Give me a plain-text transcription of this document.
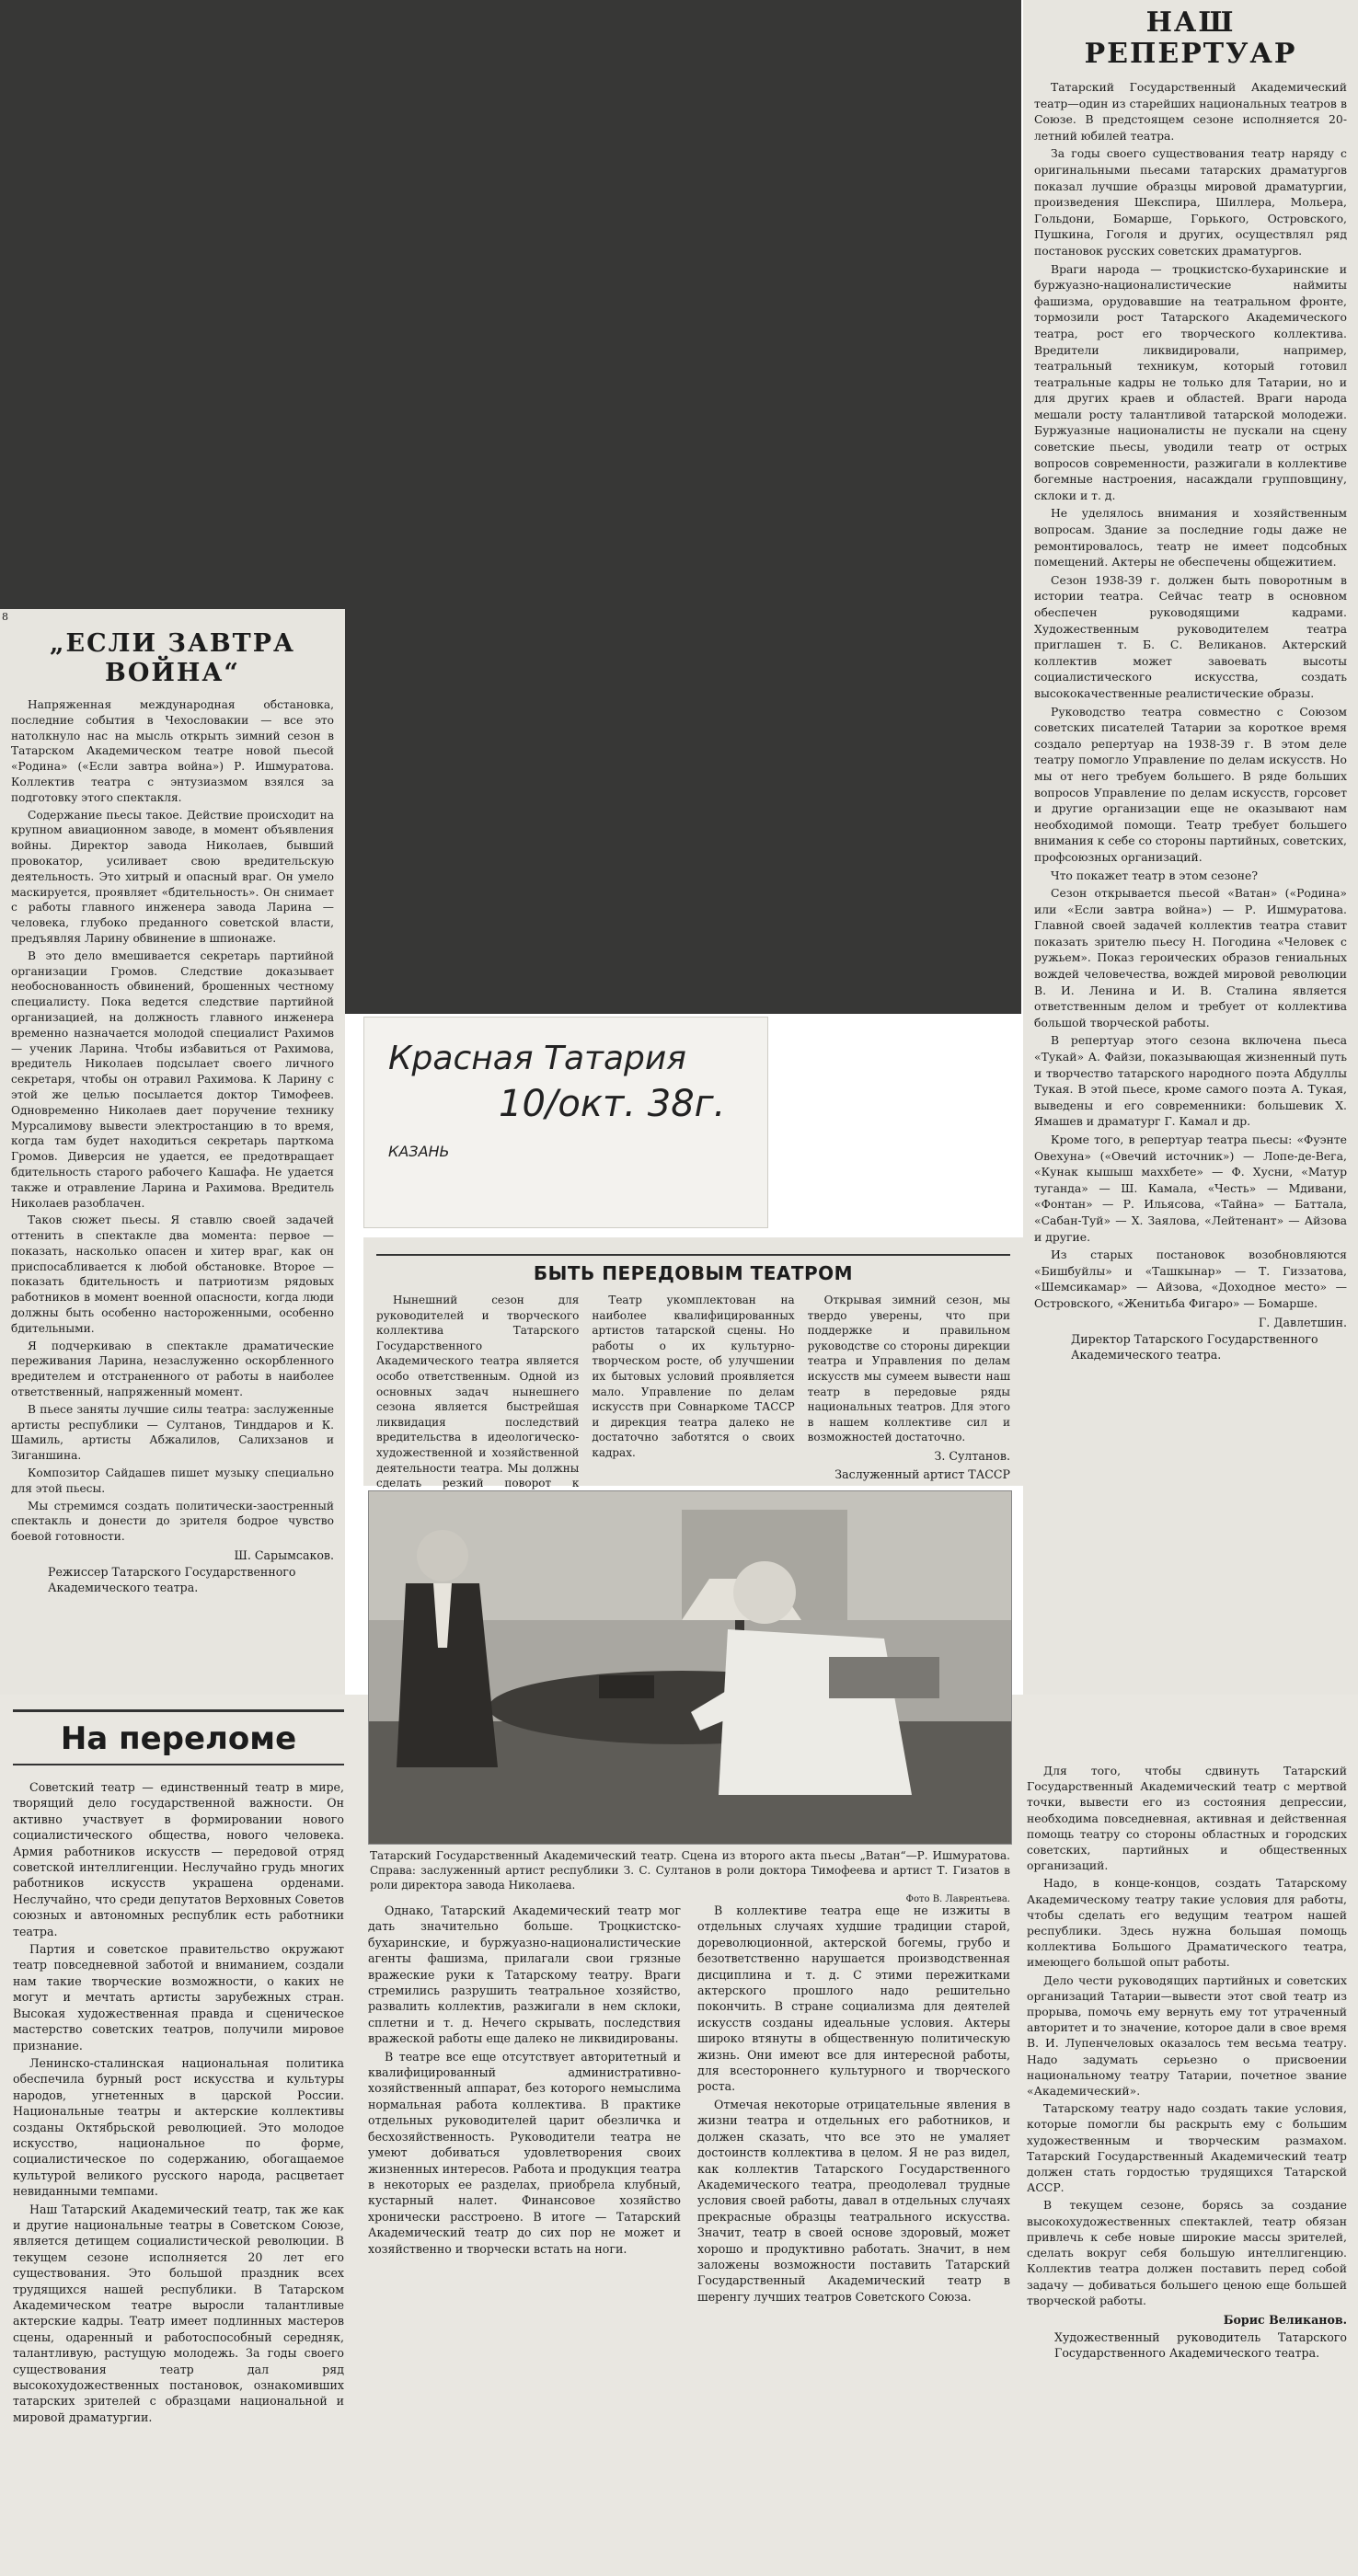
НАШ
РЕПЕРТУАР

Татарский Государственный Академический театр—один из старейших национальных театров в Союзе. В предстоящем сезоне исполняется 20-летний юбилей театра.

За годы своего существования театр наряду с оригинальными пьесами татарских драматургов показал лучшие образцы мировой драматургии, произведения Шекспира, Шиллера, Мольера, Гольдони, Бомарше, Горького, Островского, Пушкина, Гоголя и других, осуществлял ряд постановок русских советских драматургов.

Враги народа — троцкистско-бухаринские и буржуазно-националистические наймиты фашизма, орудовавшие на театральном фронте, тормозили рост Татарского Академического театра, рост его творческого коллектива. Вредители ликвидировали, например, театральный техникум, который готовил театральные кадры не только для Татарии, но и для других краев и областей. Враги народа мешали росту талантливой татарской молодежи. Буржуазные националисты не пускали на сцену советские пьесы, уводили театр от острых вопросов современности, разжигали в коллективе богемные настроения, насаждали групповщину, склоки и т. д.

Не уделялось внимания и хозяйственным вопросам. Здание за последние годы даже не ремонтировалось, театр не имеет подсобных помещений. Актеры не обеспечены общежитием.

Сезон 1938-39 г. должен быть поворотным в истории театра. Сейчас театр в основном обеспечен руководящими кадрами. Художественным руководителем театра приглашен т. Б. С. Великанов. Актерский коллектив может завоевать высоты социалистического искусства, создать высококачественные реалистические образы.

Руководство театра совместно с Союзом советских писателей Татарии за короткое время создало репертуар на 1938-39 г. В этом деле театру помогло Управление по делам искусств. Но мы от него требуем большего. В ряде больших вопросов Управление по делам искусств, горсовет и другие организации еще не оказывают нам необходимой помощи. Театр требует большего внимания к себе со стороны партийных, советских, профсоюзных организаций.

Что покажет театр в этом сезоне?

Сезон открывается пьесой «Ватан» («Родина» или «Если завтра война») — Р. Ишмуратова. Главной своей задачей коллектив театра ставит показать зрителю пьесу Н. Погодина «Человек с ружьем». Показ героических образов гениальных вождей человечества, вождей мировой революции В. И. Ленина и И. В. Сталина является ответственным делом и требует от коллектива большой творческой работы.

В репертуар этого сезона включена пьеса «Тукай» А. Файзи, показывающая жизненный путь и творчество татарского народного поэта Абдуллы Тукая. В этой пьесе, кроме самого поэта А. Тукая, выведены и его современники: большевик Х. Ямашев и драматург Г. Камал и др.

Кроме того, в репертуар театра пьесы: «Фуэнте Овехуна» («Овечий источник») — Лопе-де-Вега, «Кунак кышыш маххбете» — Ф. Хусни, «Матур туганда» — Ш. Камала, «Честь» — Мдивани, «Фонтан» — Р. Ильясова, «Тайна» — Баттала, «Сабан-Туй» — Х. Заялова, «Лейтенант» — Айзова и другие.

Из старых постановок возобновляются «Бишбуйлы» и «Ташкынар» — Т. Гиззатова, «Шемсикамар» — Айзова, «Доходное место» — Островского, «Женитьба Фигаро» — Бомарше.

Г. Давлетшин.
Директор Татарского Государственного Академического театра.
8
„ЕСЛИ ЗАВТРА
ВОЙНА“

Напряженная международная обстановка, последние события в Чехословакии — все это натолкнуло нас на мысль открыть зимний сезон в Татарском Академическом театре новой пьесой «Родина» («Если завтра война») Р. Ишмуратова. Коллектив театра с энтузиазмом взялся за подготовку этого спектакля.

Содержание пьесы такое. Действие происходит на крупном авиационном заводе, в момент объявления войны. Директор завода Николаев, бывший провокатор, усиливает свою вредительскую деятельность. Это хитрый и опасный враг. Он умело маскируется, проявляет «бдительность». Он снимает с работы главного инженера завода Ларина — человека, глубоко преданного советской власти, предъявляя Ларину обвинение в шпионаже.

В это дело вмешивается секретарь партийной организации Громов. Следствие доказывает необоснованность обвинений, брошенных честному специалисту. Пока ведется следствие партийной организацией, на должность главного инженера временно назначается молодой специалист Рахимов — ученик Ларина. Чтобы избавиться от Рахимова, вредитель Николаев подсылает своего личного секретаря, чтобы он отравил Рахимова. К Ларину с этой же целью посылается доктор Тимофеев. Одновременно Николаев дает поручение технику Мурсалимову вывести электростанцию в то время, когда там будет находиться секретарь парткома Громов. Диверсия не удается, ее предотвращает бдительность старого рабочего Кашафа. Не удается также и отравление Ларина и Рахимова. Вредитель Николаев разоблачен.

Таков сюжет пьесы. Я ставлю своей задачей оттенить в спектакле два момента: первое — показать, насколько опасен и хитер враг, как он приспосабливается к любой обстановке. Второе — показать бдительность и патриотизм рядовых работников в момент военной опасности, когда люди должны быть особенно настороженными, особенно бдительными.

Я подчеркиваю в спектакле драматические переживания Ларина, незаслуженно оскорбленного вредителем и отстраненного от работы в наиболее ответственный, напряженный момент.

В пьесе заняты лучшие силы театра: заслуженные артисты республики — Султанов, Тинддаров и К. Шамиль, артисты Абжалилов, Салихзанов и Зиганшина.

Композитор Сайдашев пишет музыку специально для этой пьесы.

Мы стремимся создать политически-заостренный спектакль и донести до зрителя бодрое чувство боевой готовности.

Ш. Сарымсаков.
Режиссер Татарского Государственного Академического театра.
Красная Татария
10/окт. 38г.
КАЗАНЬ
БЫТЬ ПЕРЕДОВЫМ ТЕАТРОМ

Нынешний сезон для руководителей и творческого коллектива Татарского Государственного Академического театра является особо ответственным. Одной из основных задач нынешнего сезона является быстрейшая ликвидация последствий вредительства в идеологическо-художественной и хозяйственной деятельности театра. Мы должны сделать резкий поворот к

Театр укомплектован на наиболее квалифицированных артистов татарской сцены. Но работы о их культурно-творческом росте, об улучшении их бытовых условий проявляется мало. Управление по делам искусств при Совнаркоме ТАССР и дирекция театра далеко не достаточно заботятся о своих кадрах.

Открывая зимний сезон, мы твердо уверены, что при поддержке и правильном руководстве со стороны дирекции театра и Управления по делам искусств мы сумеем вывести наш театр в передовые ряды национальных театров. Для этого в нашем коллективе сил и возможностей достаточно.

З. Султанов.
Заслуженный артист ТАССР
Татарский Государственный Академический театр. Сцена из второго акта пьесы „Ватан“—Р. Ишмуратова. Справа: заслуженный артист республики З. С. Султанов в роли доктора Тимофеева и артист Т. Гизатов в роли директора завода Николаева.
Фото В. Лаврентьева.
На переломе

Советский театр — единственный театр в мире, творящий дело государственной важности. Он активно участвует в формировании нового социалистического общества, нового человека. Армия работников искусств — передовой отряд советской интеллигенции. Неслучайно грудь многих работников искусств украшена орденами. Неслучайно, что среди депутатов Верховных Советов союзных и автономных республик есть работники театра.

Партия и советское правительство окружают театр повседневной заботой и вниманием, создали нам такие творческие возможности, о каких не могут и мечтать артисты зарубежных стран. Высокая художественная правда и сценическое мастерство советских театров, получили мировое признание.

Ленинско-сталинская национальная политика обеспечила бурный рост искусства и культуры народов, угнетенных в царской России. Национальные театры и актерские коллективы созданы Октябрьской революцией. Это молодое искусство, национальное по форме, социалистическое по содержанию, обогащаемое культурой великого русского народа, расцветает невиданными темпами.

Наш Татарский Академический театр, так же как и другие национальные театры в Советском Союзе, является детищем социалистической революции. В текущем сезоне исполняется 20 лет его существования. Это большой праздник всех трудящихся нашей республики. В Татарском Академическом театре выросли талантливые актерские кадры. Театр имеет подлинных мастеров сцены, одаренный и работоспособный середняк, талантливую, растущую молодежь. За годы своего существования театр дал ряд высокохудожественных постановок, ознакомивших татарских зрителей с образцами национальной и мировой драматургии.

Однако, Татарский Академический театр мог дать значительно больше. Троцкистско-бухаринские, и буржуазно-националистические агенты фашизма, прилагали свои грязные вражеские руки к Татарскому театру. Враги стремились разрушить театральное хозяйство, развалить коллектив, разжигали в нем склоки, сплетни и т. д. Нечего скрывать, последствия вражеской работы еще далеко не ликвидированы.

В театре все еще отсутствует авторитетный и квалифицированный административно-хозяйственный аппарат, без которого немыслима нормальная работа коллектива. В практике отдельных руководителей царит обезличка и бесхозяйственность. Руководители театра не умеют добиваться удовлетворения своих жизненных интересов. Работа и продукция театра в некоторых ее разделах, приобрела клубный, кустарный налет. Финансовое хозяйство хронически расстроено. В итоге — Татарский Академический театр до сих пор не может и хозяйственно и творчески встать на ноги.

В коллективе театра еще не изжиты в отдельных случаях худшие традиции старой, дореволюционной, актерской богемы, грубо и безответственно нарушается производственная дисциплина и т. д. С этими пережитками актерского прошлого надо решительно покончить. В стране социализма для деятелей искусств созданы идеальные условия. Актеры широко втянуты в общественную политическую жизнь. Они имеют все для интересной работы, для всестороннего культурного и творческого роста.

Отмечая некоторые отрицательные явления в жизни театра и отдельных его работников, и должен сказать, что все это не умаляет достоинств коллектива в целом. Я не раз видел, как коллектив Татарского Государственного Академического театра, преодолевал трудные условия своей работы, давал в отдельных случаях прекрасные образцы театрального искусства. Значит, театр в своей основе здоровый, может хорошо и продуктивно работать. Значит, в нем заложены возможности поставить Татарский Государственный Академический театр в шеренгу лучших театров Советского Союза.

Для того, чтобы сдвинуть Татарский Государственный Академический театр с мертвой точки, вывести его из состояния депрессии, необходима повседневная, активная и действенная помощь театру со стороны областных и городских советских, партийных и общественных организаций.

Надо, в конце-концов, создать Татарскому Академическому театру такие условия для работы, чтобы сделать его ведущим театром нашей республики. Здесь нужна большая помощь коллектива Большого Драматического театра, имеющего большой опыт работы.

Дело чести руководящих партийных и советских организаций Татарии—вывести этот свой театр из прорыва, помочь ему вернуть ему тот утраченный авторитет и то значение, которое дали в свое время В. И. Лупенчеловых оказалось тем весьма театру. Надо задумать серьезно о присвоении национальному театру Татарии, почетное звание «Академический».

Татарскому театру надо создать такие условия, которые помогли бы раскрыть ему с большим художественным и творческим размахом. Татарский Государственный Академический театр должен стать гордостью трудящихся Татарской АССР.

В текущем сезоне, борясь за создание высокохудожественных спектаклей, театр обязан привлечь к себе новые широкие массы зрителей, сделать вокруг себя большую интеллигенцию. Коллектив театра должен поставить перед собой задачу — добиваться большего ценою еще большей творческой работы.

Борис Великанов.
Художественный руководитель Татарского Государственного Академического театра.
